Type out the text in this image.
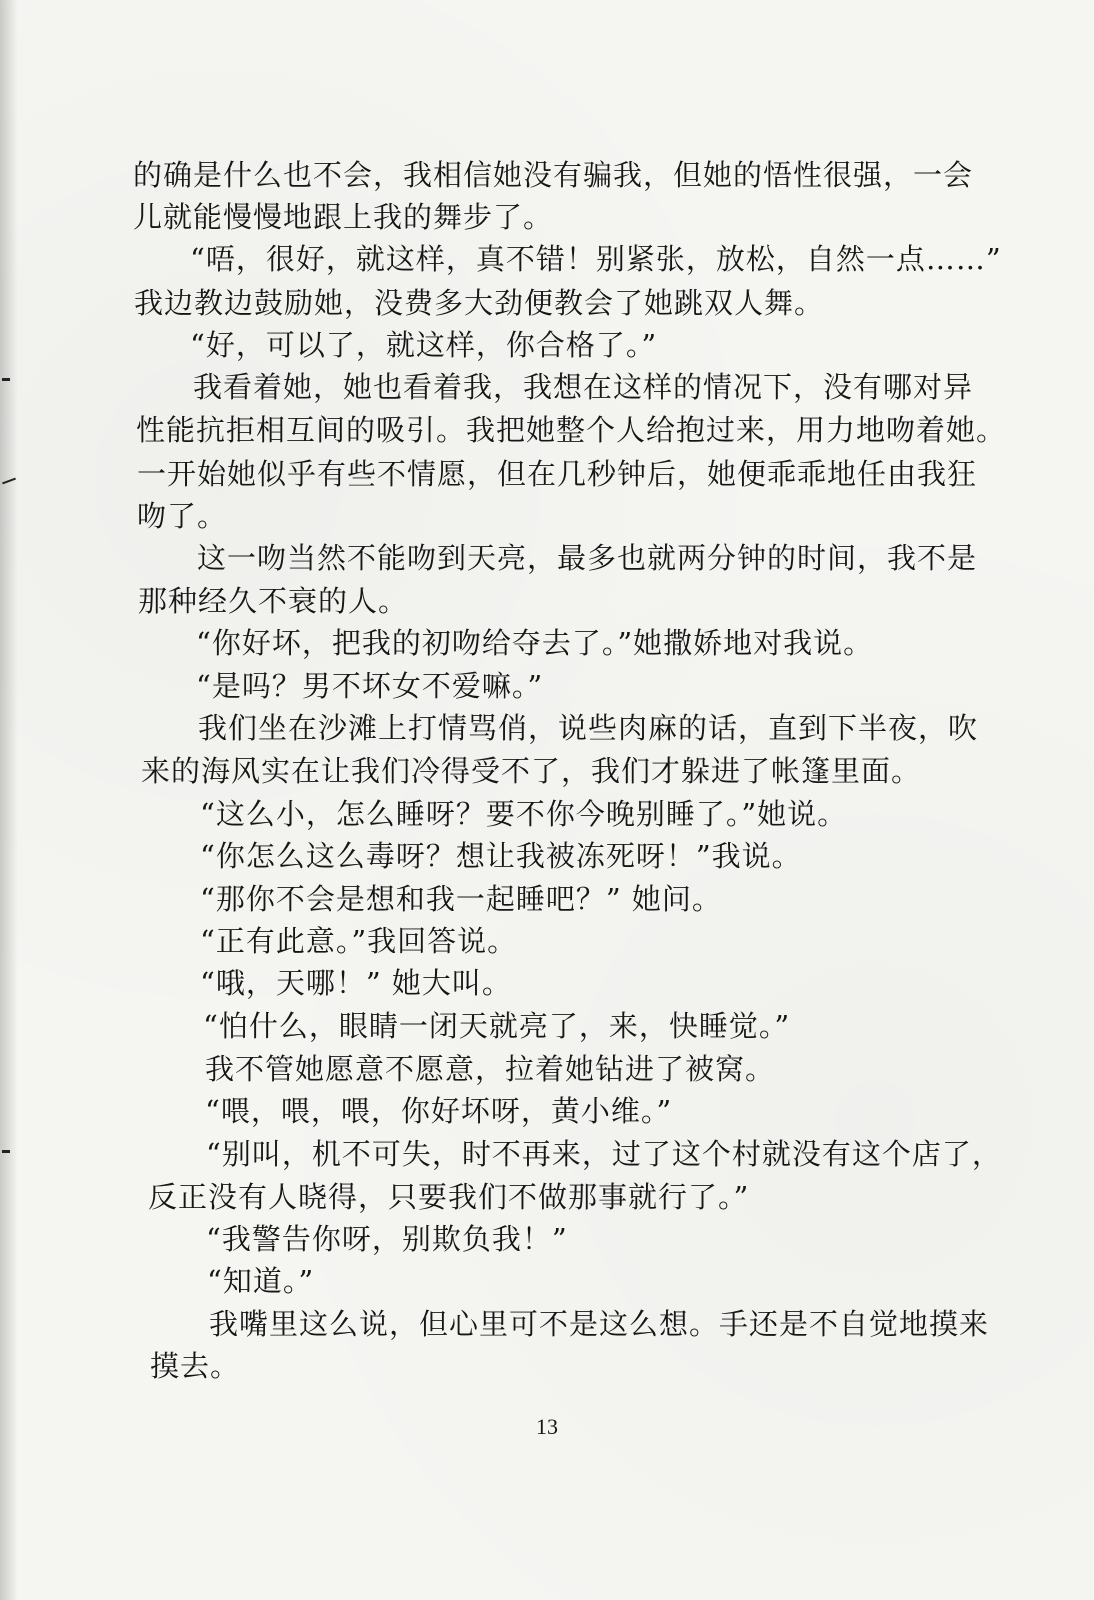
的确是什么也不会，我相信她没有骗我，但她的悟性很强，一会
儿就能慢慢地跟上我的舞步了。
“唔，很好，就这样，真不错！别紧张，放松，自然一点……”
我边教边鼓励她，没费多大劲便教会了她跳双人舞。
“好，可以了，就这样，你合格了。”
我看着她，她也看着我，我想在这样的情况下，没有哪对异
性能抗拒相互间的吸引。我把她整个人给抱过来，用力地吻着她。
一开始她似乎有些不情愿，但在几秒钟后，她便乖乖地任由我狂
吻了。
这一吻当然不能吻到天亮，最多也就两分钟的时间，我不是
那种经久不衰的人。
“你好坏，把我的初吻给夺去了。”她撒娇地对我说。
“是吗？男不坏女不爱嘛。”
我们坐在沙滩上打情骂俏，说些肉麻的话，直到下半夜，吹
来的海风实在让我们冷得受不了，我们才躲进了帐篷里面。
“这么小，怎么睡呀？要不你今晚别睡了。”她说。
“你怎么这么毒呀？想让我被冻死呀！”我说。
“那你不会是想和我一起睡吧？” 她问。
“正有此意。”我回答说。
“哦，天哪！” 她大叫。
“怕什么，眼睛一闭天就亮了，来，快睡觉。”
我不管她愿意不愿意，拉着她钻进了被窝。
“喂，喂，喂，你好坏呀，黄小维。”
“别叫，机不可失，时不再来，过了这个村就没有这个店了，
反正没有人晓得，只要我们不做那事就行了。”
“我警告你呀，别欺负我！”
“知道。”
我嘴里这么说，但心里可不是这么想。手还是不自觉地摸来
摸去。
13
